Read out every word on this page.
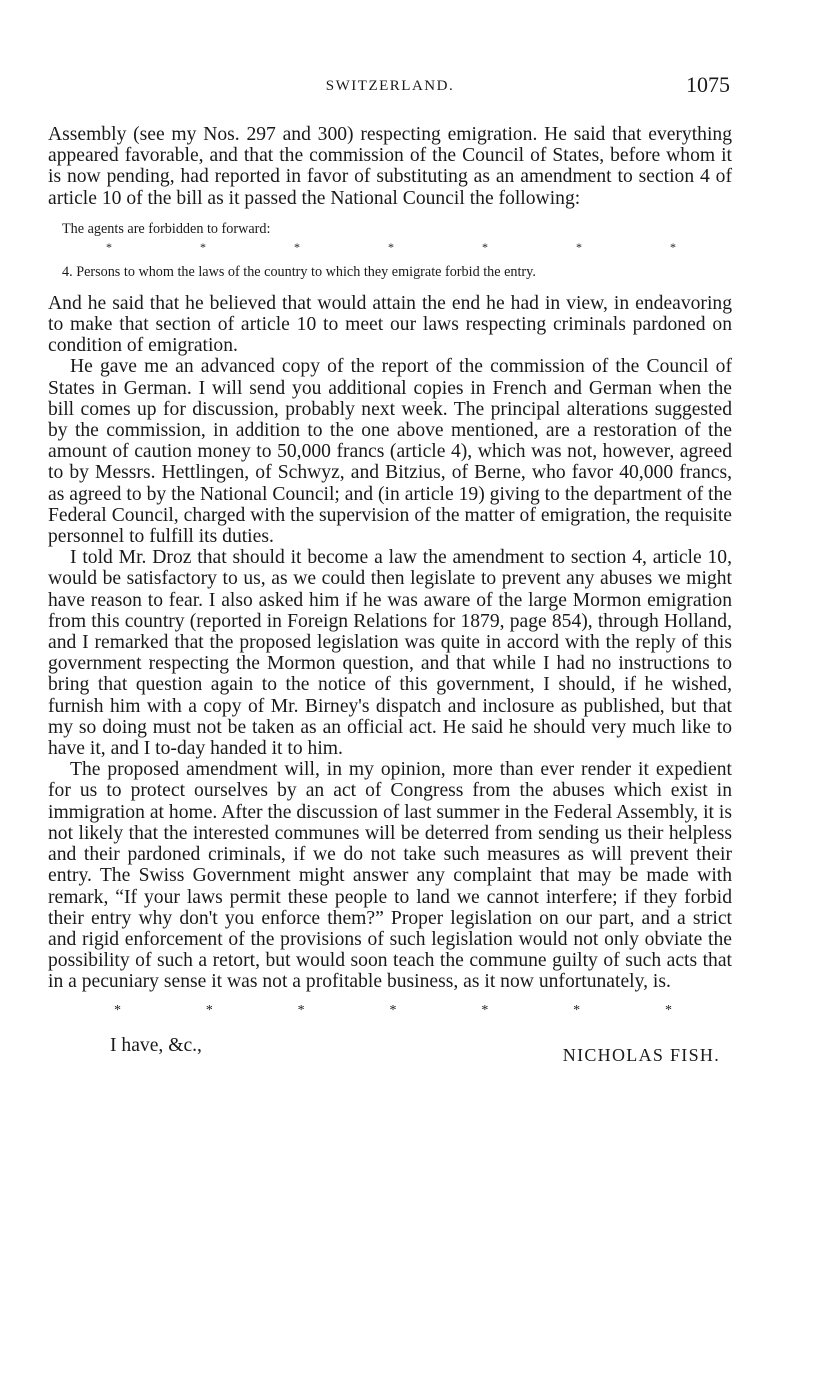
SWITZERLAND.	1075

Assembly (see my Nos. 297 and 300) respecting emigration. He said that everything appeared favorable, and that the commission of the Council of States, before whom it is now pending, had reported in favor of substituting as an amendment to section 4 of article 10 of the bill as it passed the National Council the following:

The agents are forbidden to forward:

*	*	*	*	*	*	*

4. Persons to whom the laws of the country to which they emigrate forbid the entry.

And he said that he believed that would attain the end he had in view, in endeavoring to make that section of article 10 to meet our laws respecting criminals pardoned on condition of emigration.

He gave me an advanced copy of the report of the commission of the Council of States in German. I will send you additional copies in French and German when the bill comes up for discussion, probably next week. The principal alterations suggested by the commission, in addition to the one above mentioned, are a restoration of the amount of caution money to 50,000 francs (article 4), which was not, however, agreed to by Messrs. Hettlingen, of Schwyz, and Bitzius, of Berne, who favor 40,000 francs, as agreed to by the National Council; and (in article 19) giving to the department of the Federal Council, charged with the supervision of the matter of emigration, the requisite personnel to fulfill its duties.

I told Mr. Droz that should it become a law the amendment to section 4, article 10, would be satisfactory to us, as we could then legislate to prevent any abuses we might have reason to fear. I also asked him if he was aware of the large Mormon emigration from this country (reported in Foreign Relations for 1879, page 854), through Holland, and I remarked that the proposed legislation was quite in accord with the reply of this government respecting the Mormon question, and that while I had no instructions to bring that question again to the notice of this government, I should, if he wished, furnish him with a copy of Mr. Birney's dispatch and inclosure as published, but that my so doing must not be taken as an official act. He said he should very much like to have it, and I to-day handed it to him.

The proposed amendment will, in my opinion, more than ever render it expedient for us to protect ourselves by an act of Congress from the abuses which exist in immigration at home. After the discussion of last summer in the Federal Assembly, it is not likely that the interested communes will be deterred from sending us their helpless and their pardoned criminals, if we do not take such measures as will prevent their entry. The Swiss Government might answer any complaint that may be made with remark, “If your laws permit these people to land we cannot interfere; if they forbid their entry why don't you enforce them?” Proper legislation on our part, and a strict and rigid enforcement of the provisions of such legislation would not only obviate the possibility of such a retort, but would soon teach the commune guilty of such acts that in a pecuniary sense it was not a profitable business, as it now unfortunately, is.

*	*	*	*	*	*	*
I have, &c.,	NICHOLAS FISH.
